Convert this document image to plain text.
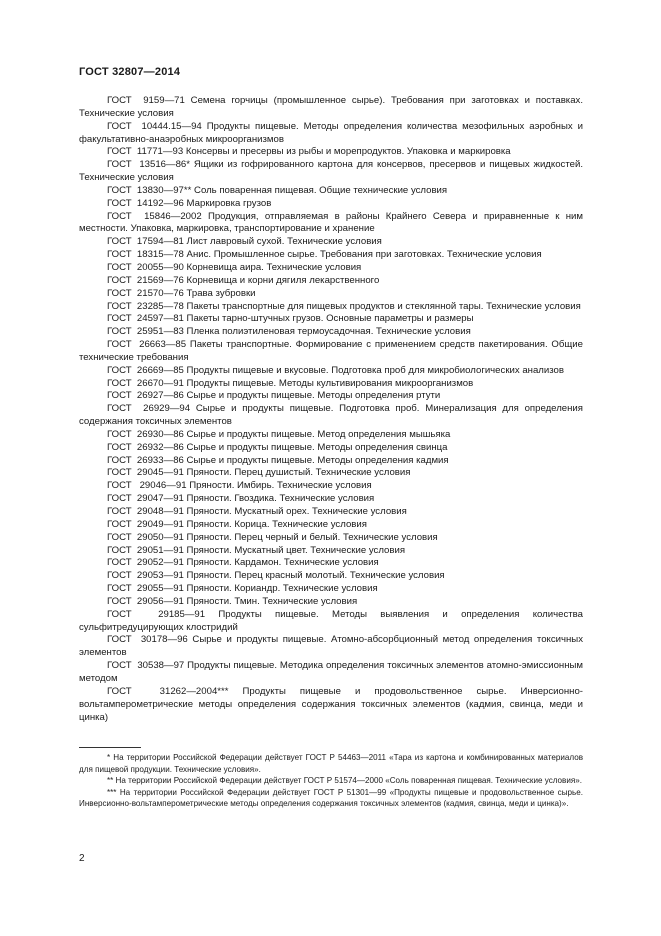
ГОСТ 32807—2014

ГОСТ  9159—71 Семена горчицы (промышленное сырье). Требования при заготовках и поставках. Технические условия

ГОСТ  10444.15—94 Продукты пищевые. Методы определения количества мезофильных аэробных и факультативно-анаэробных микроорганизмов

ГОСТ  11771—93 Консервы и пресервы из рыбы и морепродуктов. Упаковка и маркировка

ГОСТ  13516—86* Ящики из гофрированного картона для консервов, пресервов и пищевых жидкостей. Технические условия

ГОСТ  13830—97** Соль поваренная пищевая. Общие технические условия

ГОСТ  14192—96 Маркировка грузов

ГОСТ  15846—2002 Продукция, отправляемая в районы Крайнего Севера и приравненные к ним местности. Упаковка, маркировка, транспортирование и хранение

ГОСТ  17594—81 Лист лавровый сухой. Технические условия

ГОСТ  18315—78 Анис. Промышленное сырье. Требования при заготовках. Технические условия

ГОСТ  20055—90 Корневища аира. Технические условия

ГОСТ  21569—76 Корневища и корни дягиля лекарственного

ГОСТ  21570—76 Трава зубровки

ГОСТ  23285—78 Пакеты транспортные для пищевых продуктов и стеклянной тары. Технические условия

ГОСТ  24597—81 Пакеты тарно-штучных грузов. Основные параметры и размеры

ГОСТ  25951—83 Пленка полиэтиленовая термоусадочная. Технические условия

ГОСТ  26663—85 Пакеты транспортные. Формирование с применением средств пакетирования. Общие технические требования

ГОСТ  26669—85 Продукты пищевые и вкусовые. Подготовка проб для микробиологических анализов

ГОСТ  26670—91 Продукты пищевые. Методы культивирования микроорганизмов

ГОСТ  26927—86 Сырье и продукты пищевые. Методы определения ртути

ГОСТ  26929—94 Сырье и продукты пищевые. Подготовка проб. Минерализация для определения содержания токсичных элементов

ГОСТ  26930—86 Сырье и продукты пищевые. Метод определения мышьяка

ГОСТ  26932—86 Сырье и продукты пищевые. Методы определения свинца

ГОСТ  26933—86 Сырье и продукты пищевые. Методы определения кадмия

ГОСТ  29045—91 Пряности. Перец душистый. Технические условия

ГОСТ   29046—91 Пряности. Имбирь. Технические условия

ГОСТ  29047—91 Пряности. Гвоздика. Технические условия

ГОСТ  29048—91 Пряности. Мускатный орех. Технические условия

ГОСТ  29049—91 Пряности. Корица. Технические условия

ГОСТ  29050—91 Пряности. Перец черный и белый. Технические условия

ГОСТ  29051—91 Пряности. Мускатный цвет. Технические условия

ГОСТ  29052—91 Пряности. Кардамон. Технические условия

ГОСТ  29053—91 Пряности. Перец красный молотый. Технические условия

ГОСТ  29055—91 Пряности. Кориандр. Технические условия

ГОСТ  29056—91 Пряности. Тмин. Технические условия

ГОСТ  29185—91 Продукты пищевые. Методы выявления и определения количества сульфитредуцирующих клостридий

ГОСТ  30178—96 Сырье и продукты пищевые. Атомно-абсорбционный метод определения токсичных элементов

ГОСТ  30538—97 Продукты пищевые. Методика определения токсичных элементов атомно-эмиссионным методом

ГОСТ  31262—2004*** Продукты пищевые и продовольственное сырье. Инверсионно-вольтамперометрические методы определения содержания токсичных элементов (кадмия, свинца, меди и цинка)

* На территории Российской Федерации действует ГОСТ Р 54463—2011 «Тара из картона и комбинированных материалов для пищевой продукции. Технические условия».

** На территории Российской Федерации действует ГОСТ Р 51574—2000 «Соль поваренная пищевая. Технические условия».

*** На территории Российской Федерации действует ГОСТ Р 51301—99 «Продукты пищевые и продовольственное сырье. Инверсионно-вольтамперометрические методы определения содержания токсичных элементов (кадмия, свинца, меди и цинка)».

2
